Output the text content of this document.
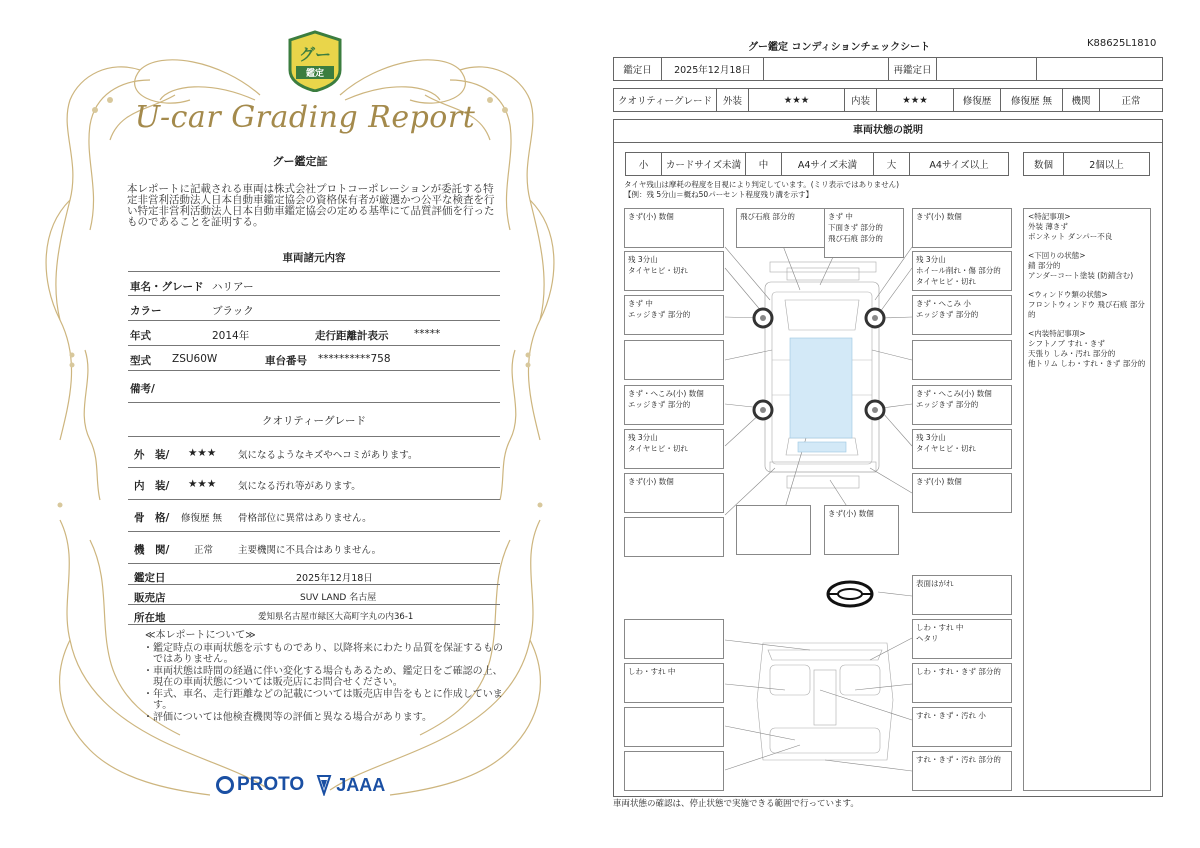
グー
鑑定
U-car Grading Report
グー鑑定証
本レポートに記載される車両は株式会社プロトコーポレーションが委託する特定非営利活動法人日本自動車鑑定協会の資格保有者が厳選かつ公平な検査を行い特定非営利活動法人日本自動車鑑定協会の定める基準にて品質評価を行ったものであることを証明する。
車両諸元内容
車名・グレード ハリアー
カラー	ブラック
年式	2014年	走行距離計表示 *****
型式 ZSU60W	車台番号 **********758
備考/
クオリティーグレード
外　装/ ★★★ 気になるようなキズやヘコミがあります。
内　装/ ★★★ 気になる汚れ等があります。
骨　格/ 修復歴 無 骨格部位に異常はありません。
機　関/	正常	主要機関に不具合はありません。
鑑定日	2025年12月18日
販売店	SUV LAND 名古屋
所在地	愛知県名古屋市緑区大高町字丸の内36-1
≪本レポートについて≫
・ 鑑定時点の車両状態を示すものであり、以降将来にわたり品質を保証するものではありません。
・ 車両状態は時間の経過に伴い変化する場合もあるため、鑑定日をご確認の上、現在の車両状態については販売店にお問合せください。
・ 年式、車名、走行距離などの記載については販売店申告をもとに作成しています。
・ 評価については他検査機関等の評価と異なる場合があります。
PROTO JAAA
グー鑑定 コンディションチェックシート	K88625L1810
鑑定日	2025年12月18日	再鑑定日
クオリティーグレード	外装	★★★	内装	★★★	修復歴	修復歴 無	機関	正常
車両状態の説明
小	カードサイズ未満	中	A4サイズ未満	大	A4サイズ以上	数個	2個以上
タイヤ残山は摩耗の程度を目視により判定しています。(ミリ表示ではありません)
【例：残 5分山＝概ね50パーセント程度残り溝を示す】
きず(小) 数個	飛び石痕 部分的	きず 中
下面きず 部分的
飛び石痕 部分的
きず(小) 数個
残 3分山
タイヤヒビ・切れ
残 3分山
ホイール削れ・傷 部分的
タイヤヒビ・切れ
きず 中
エッジきず 部分的
きず・へこみ 小
エッジきず 部分的
きず・へこみ(小) 数個
エッジきず 部分的
きず・へこみ(小) 数個
エッジきず 部分的
残 3分山
タイヤヒビ・切れ
残 3分山
タイヤヒビ・切れ
きず(小) 数個	きず(小) 数個
きず(小) 数個
表面はがれ
しわ・すれ 中
ヘタリ
しわ・すれ 中	しわ・すれ・きず 部分的
すれ・きず・汚れ 小
すれ・きず・汚れ 部分的
<特記事項>
外装 薄きず
ボンネット ダンパー不良
<下回りの状態>
錆 部分的
アンダーコート塗装 (防錆含む)
<ウィンドウ類の状態>
フロントウィンドウ 飛び石痕 部分的
<内装特記事項>
シフトノブ すれ・きず
天張り しみ・汚れ 部分的
他トリム しわ・すれ・きず 部分的
車両状態の確認は、停止状態で実施できる範囲で行っています。
